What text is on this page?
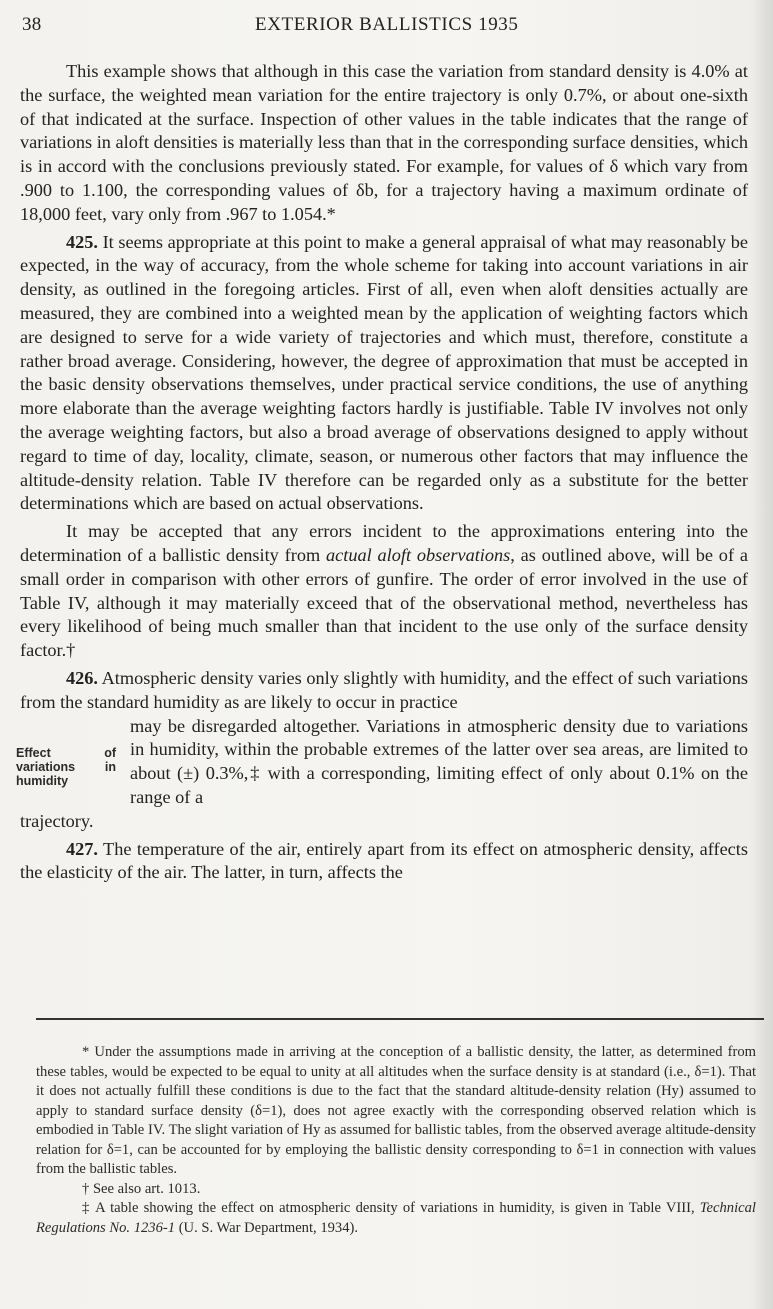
38	EXTERIOR BALLISTICS 1935

This example shows that although in this case the variation from standard density is 4.0% at the surface, the weighted mean variation for the entire trajectory is only 0.7%, or about one-sixth of that indicated at the surface. Inspection of other values in the table indicates that the range of variations in aloft densities is materially less than that in the corresponding surface densities, which is in accord with the conclusions previously stated. For example, for values of δ which vary from .900 to 1.100, the corresponding values of δb, for a trajectory having a maximum ordinate of 18,000 feet, vary only from .967 to 1.054.*

425. It seems appropriate at this point to make a general appraisal of what may reasonably be expected, in the way of accuracy, from the whole scheme for taking into account variations in air density, as outlined in the foregoing articles. First of all, even when aloft densities actually are measured, they are combined into a weighted mean by the application of weighting factors which are designed to serve for a wide variety of trajectories and which must, therefore, constitute a rather broad average. Considering, however, the degree of approximation that must be accepted in the basic density observations themselves, under practical service conditions, the use of anything more elaborate than the average weighting factors hardly is justifiable. Table IV involves not only the average weighting factors, but also a broad average of observations designed to apply without regard to time of day, locality, climate, season, or numerous other factors that may influence the altitude-density relation. Table IV therefore can be regarded only as a substitute for the better determinations which are based on actual observations.

It may be accepted that any errors incident to the approximations entering into the determination of a ballistic density from actual aloft observations, as outlined above, will be of a small order in comparison with other errors of gunfire. The order of error involved in the use of Table IV, although it may materially exceed that of the observational method, nevertheless has every likelihood of being much smaller than that incident to the use only of the surface density factor.†

426. Atmospheric density varies only slightly with humidity, and the effect of such variations from the standard humidity as are likely to occur in practice

Effect of variations in humidity

may be disregarded altogether. Variations in atmospheric density due to variations in humidity, within the probable extremes of the latter over sea areas, are limited to about (±) 0.3%,‡ with a corresponding, limiting effect of only about 0.1% on the range of a

trajectory.

427. The temperature of the air, entirely apart from its effect on atmospheric density, affects the elasticity of the air. The latter, in turn, affects the

* Under the assumptions made in arriving at the conception of a ballistic density, the latter, as determined from these tables, would be expected to be equal to unity at all altitudes when the surface density is at standard (i.e., δ=1). That it does not actually fulfill these conditions is due to the fact that the standard altitude-density relation (Hy) assumed to apply to standard surface density (δ=1), does not agree exactly with the corresponding observed relation which is embodied in Table IV. The slight variation of Hy as assumed for ballistic tables, from the observed average altitude-density relation for δ=1, can be accounted for by employing the ballistic density corresponding to δ=1 in connection with values from the ballistic tables.

† See also art. 1013.

‡ A table showing the effect on atmospheric density of variations in humidity, is given in Table VIII, Technical Regulations No. 1236-1 (U. S. War Department, 1934).
